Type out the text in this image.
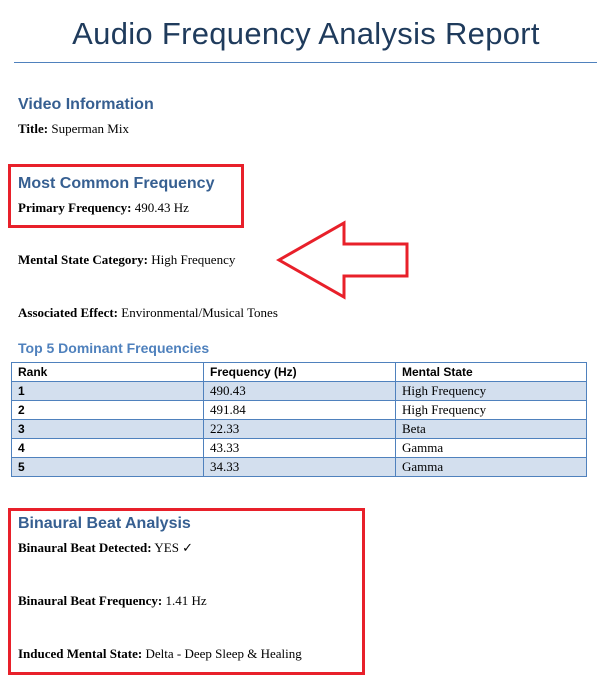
Audio Frequency Analysis Report
Video Information
Title: Superman Mix
Most Common Frequency
Primary Frequency: 490.43 Hz
Mental State Category: High Frequency
Associated Effect: Environmental/Musical Tones
Top 5 Dominant Frequencies
Rank	Frequency (Hz)	Mental State
1	490.43	High Frequency
2	491.84	High Frequency
3	22.33	Beta
4	43.33	Gamma
5	34.33	Gamma
Binaural Beat Analysis
Binaural Beat Detected: YES ✓
Binaural Beat Frequency: 1.41 Hz
Induced Mental State: Delta - Deep Sleep & Healing
